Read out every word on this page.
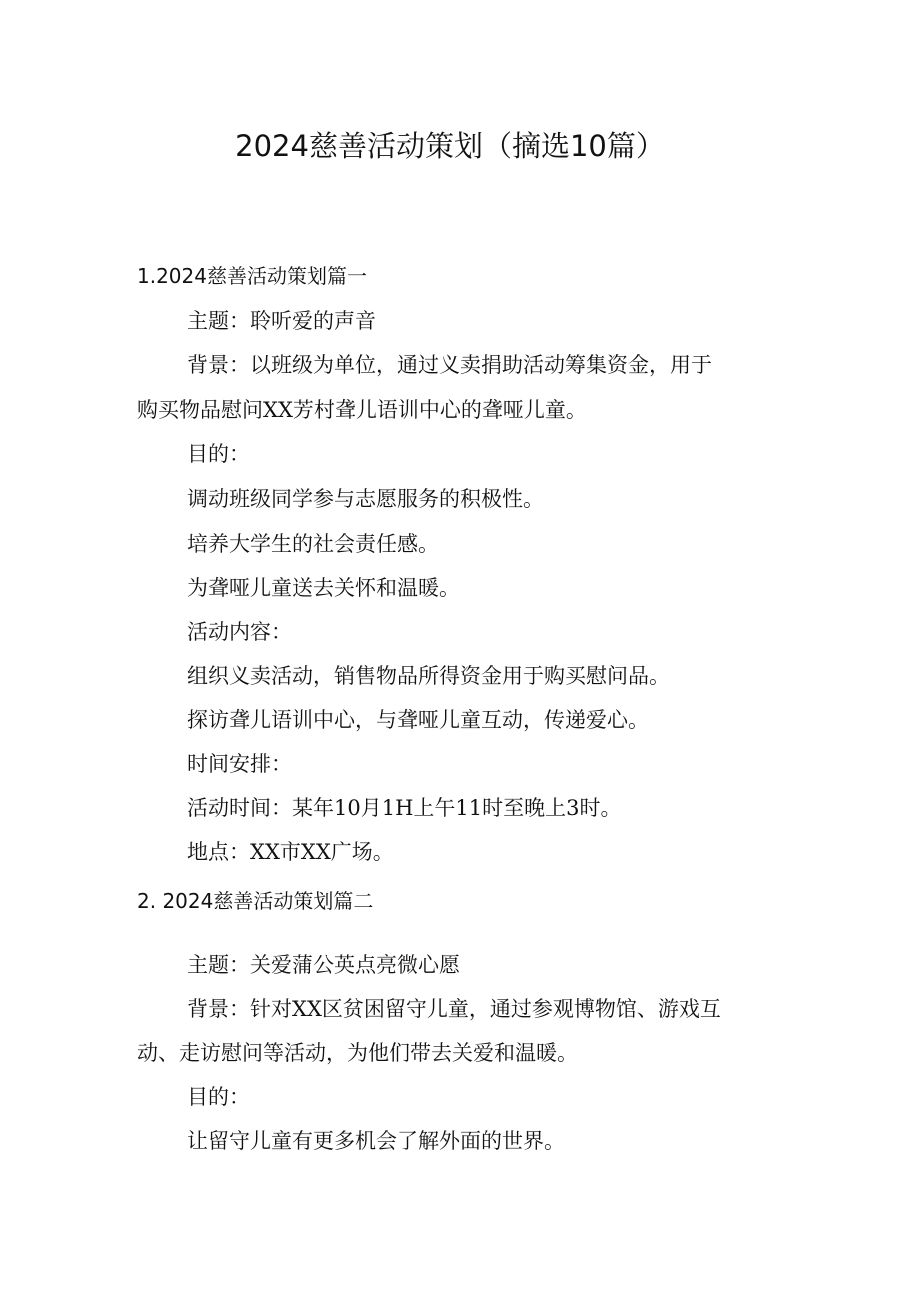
2024慈善活动策划（摘选10篇）
1.2024慈善活动策划篇一
主题：聆听爱的声音
背景：以班级为单位，通过义卖捐助活动筹集资金，用于
购买物品慰问XX芳村聋儿语训中心的聋哑儿童。
目的：
调动班级同学参与志愿服务的积极性。
培养大学生的社会责任感。
为聋哑儿童送去关怀和温暖。
活动内容：
组织义卖活动，销售物品所得资金用于购买慰问品。
探访聋儿语训中心，与聋哑儿童互动，传递爱心。
时间安排：
活动时间：某年10月1H上午11时至晚上3时。
地点：XX市XX广场。
2. 2024慈善活动策划篇二
主题：关爱蒲公英点亮微心愿
背景：针对XX区贫困留守儿童，通过参观博物馆、游戏互
动、走访慰问等活动，为他们带去关爱和温暖。
目的：
让留守儿童有更多机会了解外面的世界。
